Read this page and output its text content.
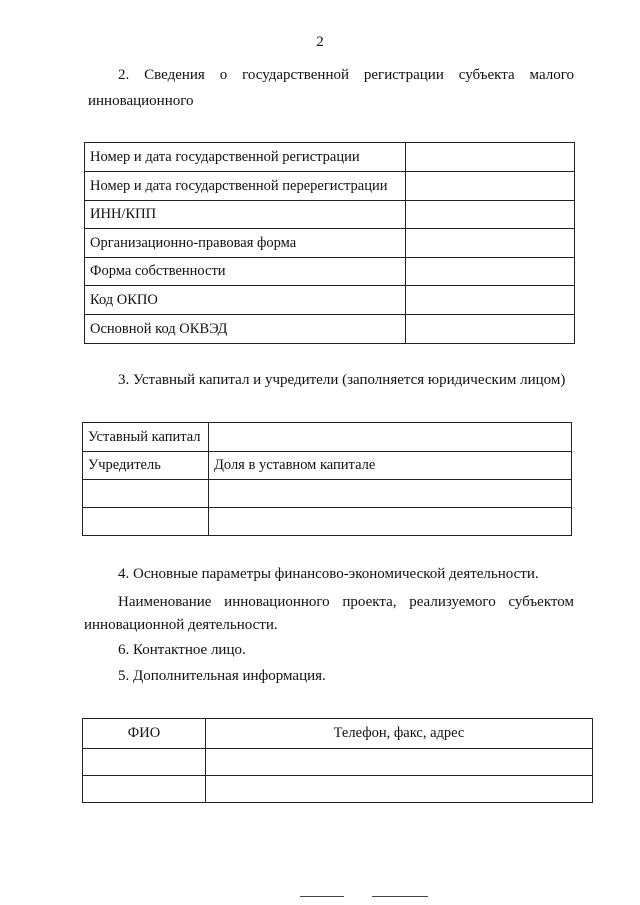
2

2. Сведения о государственной регистрации субъекта малого

инновационного

Номер и дата государственной регистрации	
Номер и дата государственной перерегистрации	
ИНН/КПП	
Организационно-правовая форма	
Форма собственности	
Код ОКПО	
Основной код ОКВЭД	

3. Уставный капитал и учредители (заполняется юридическим лицом)

Уставный капитал	
Учредитель	Доля в уставном капитале

4. Основные параметры финансово-экономической деятельности.

Наименование инновационного проекта, реализуемого субъектом

инновационной деятельности.

6. Контактное лицо.

5. Дополнительная информация.

ФИО	Телефон, факс, адрес
